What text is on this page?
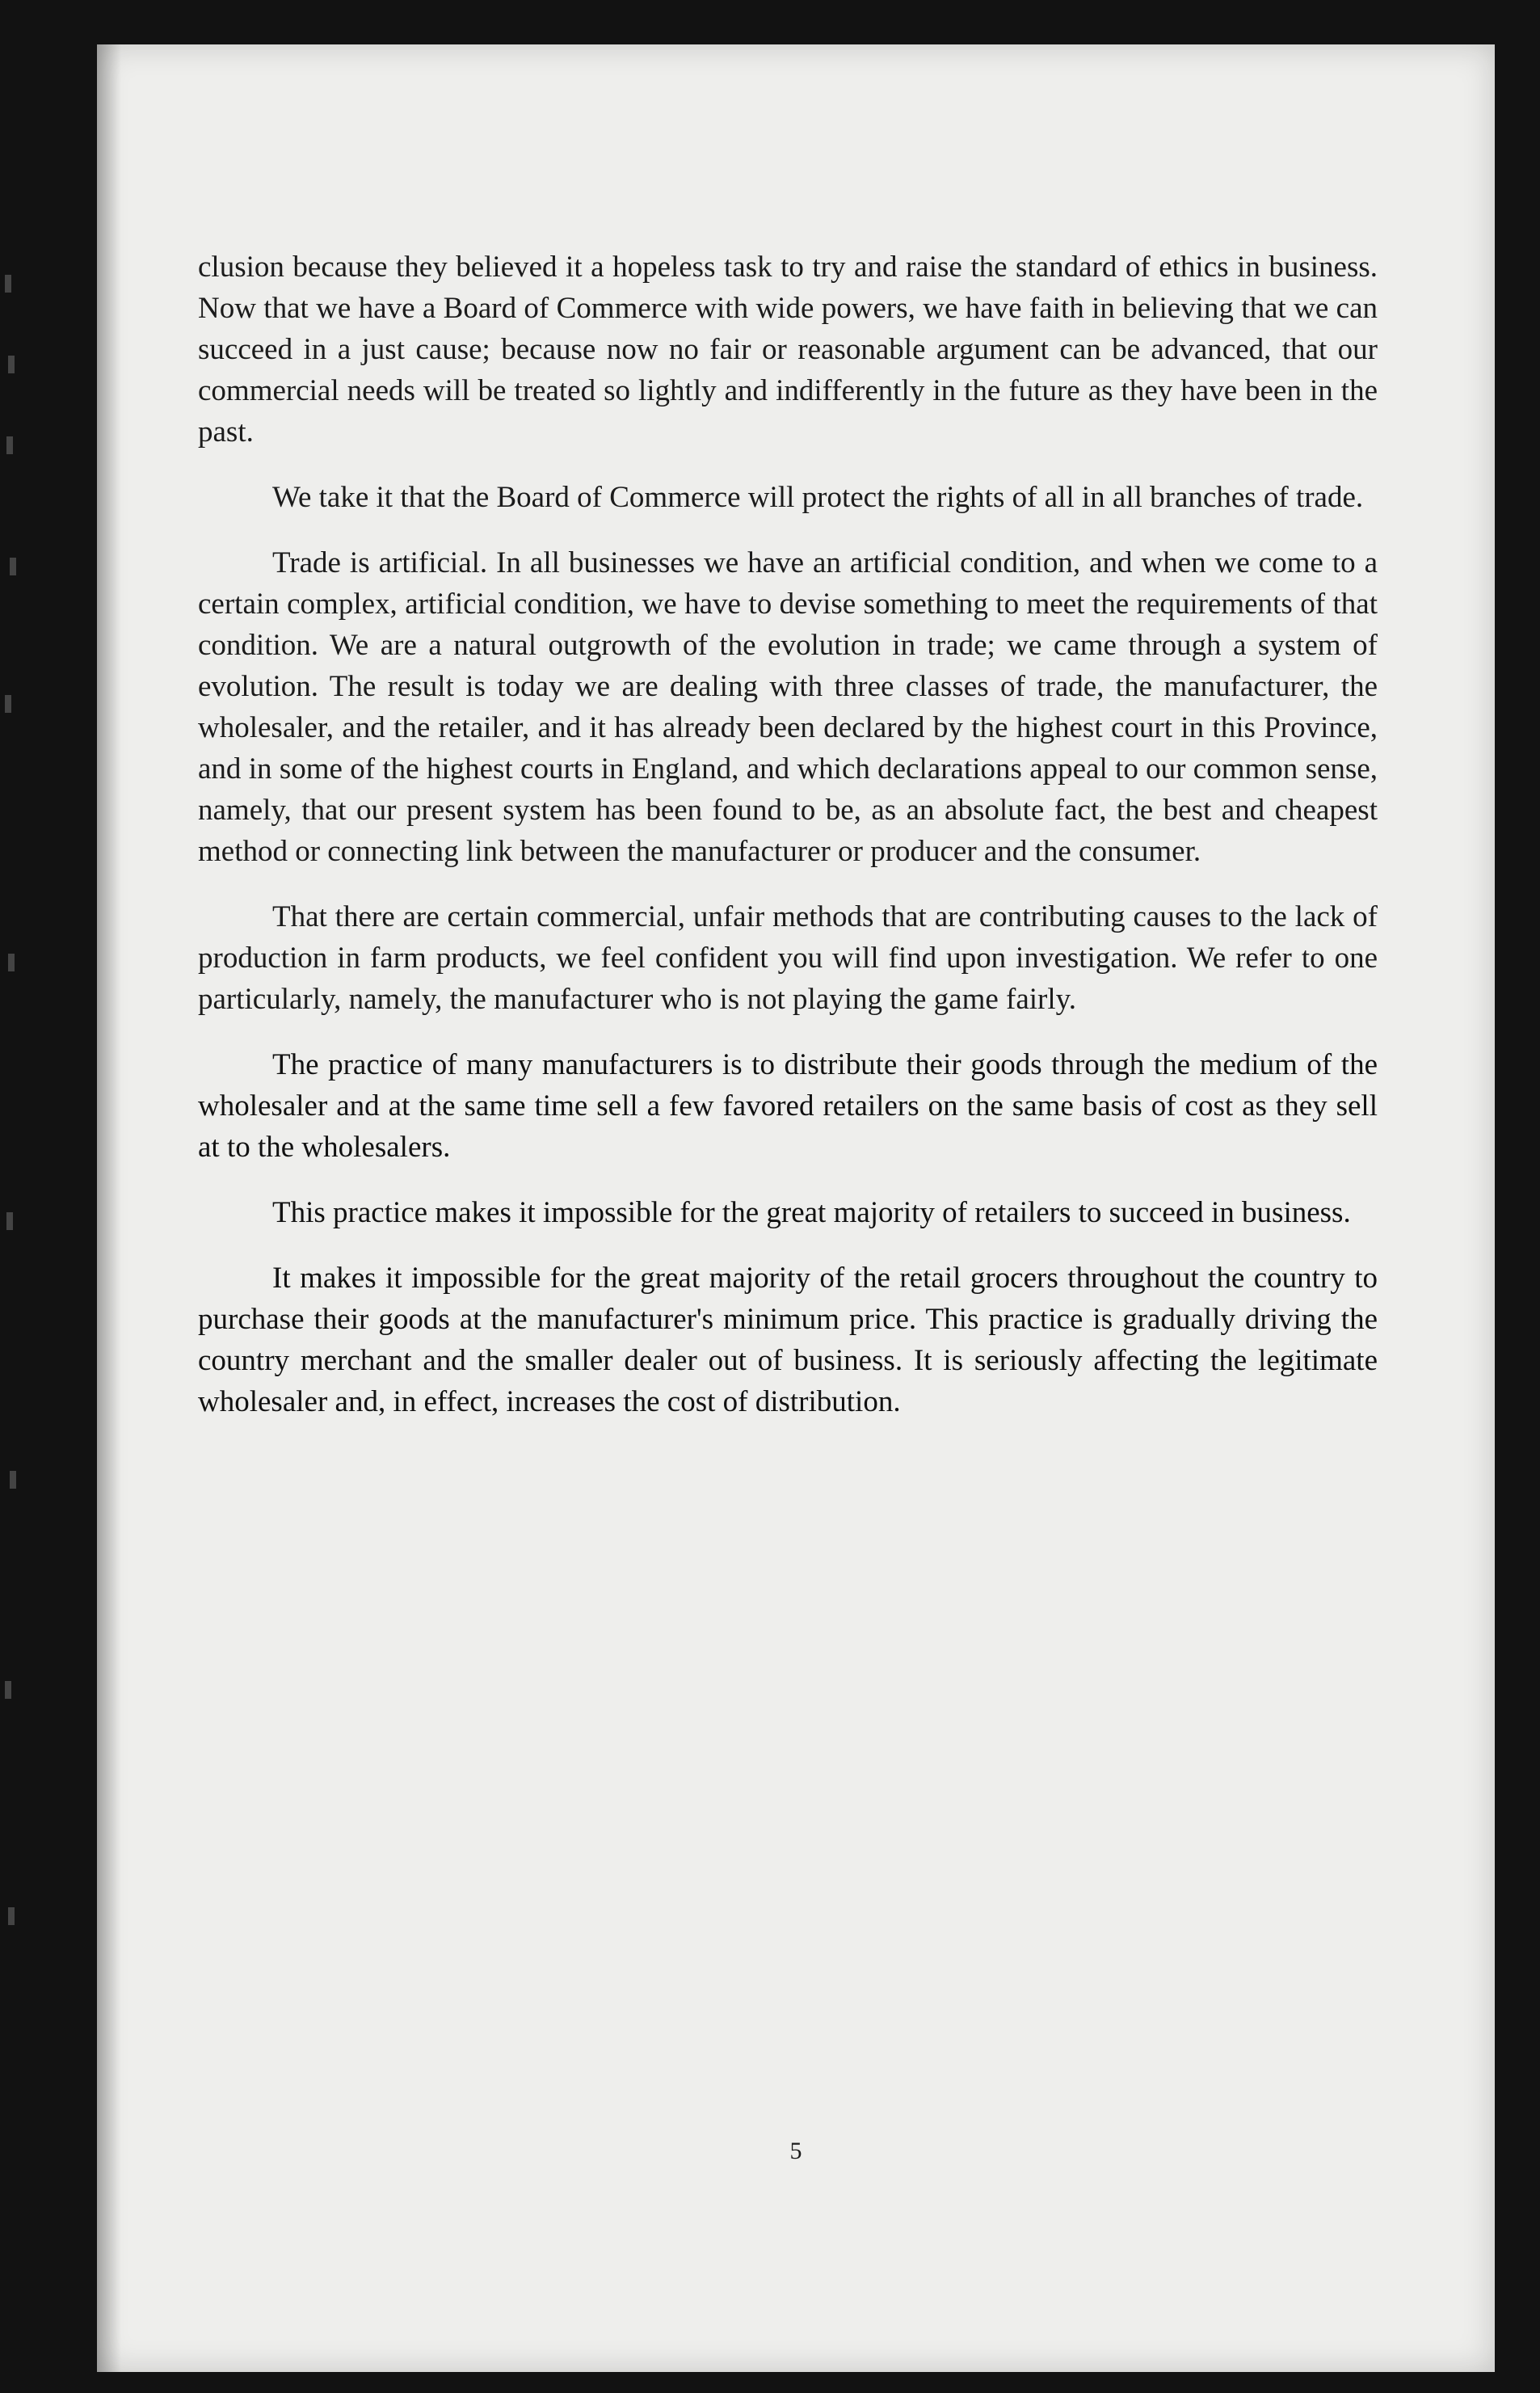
clusion because they believed it a hopeless task to try and raise the standard of ethics in business. Now that we have a Board of Commerce with wide powers, we have faith in believing that we can succeed in a just cause; because now no fair or reasonable argument can be advanced, that our commercial needs will be treated so lightly and indifferently in the future as they have been in the past.

We take it that the Board of Commerce will protect the rights of all in all branches of trade.

Trade is artificial. In all businesses we have an artificial condition, and when we come to a certain complex, artificial condition, we have to devise something to meet the requirements of that condition. We are a natural outgrowth of the evolution in trade; we came through a system of evolution. The result is today we are dealing with three classes of trade, the manufacturer, the wholesaler, and the retailer, and it has already been declared by the highest court in this Province, and in some of the highest courts in England, and which declarations appeal to our common sense, namely, that our present system has been found to be, as an absolute fact, the best and cheapest method or connecting link between the manufacturer or producer and the consumer.

That there are certain commercial, unfair methods that are contributing causes to the lack of production in farm products, we feel confident you will find upon investigation. We refer to one particularly, namely, the manufacturer who is not playing the game fairly.

The practice of many manufacturers is to distribute their goods through the medium of the wholesaler and at the same time sell a few favored retailers on the same basis of cost as they sell at to the wholesalers.

This practice makes it impossible for the great majority of retailers to succeed in business.

It makes it impossible for the great majority of the retail grocers throughout the country to purchase their goods at the manufacturer's minimum price. This practice is gradually driving the country merchant and the smaller dealer out of business. It is seriously affecting the legitimate wholesaler and, in effect, increases the cost of distribution.

5
